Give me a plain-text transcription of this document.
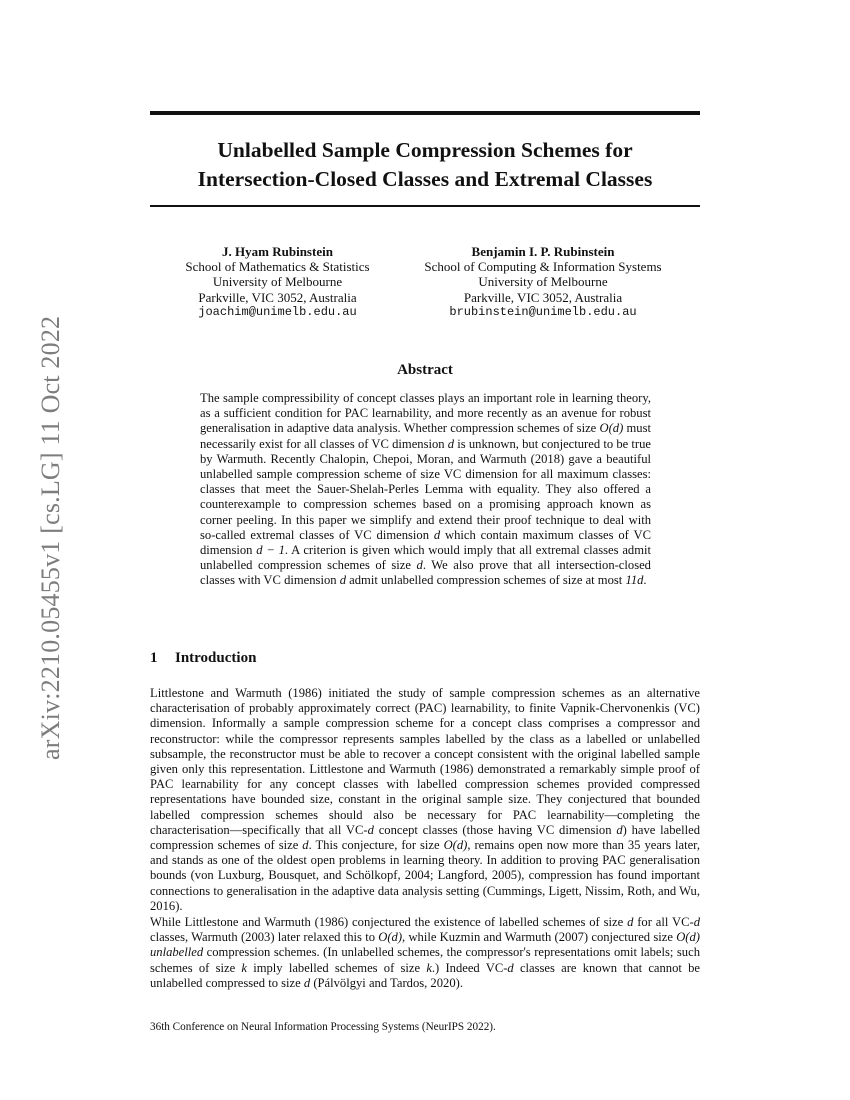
arXiv:2210.05455v1 [cs.LG] 11 Oct 2022
Unlabelled Sample Compression Schemes for
Intersection-Closed Classes and Extremal Classes
J. Hyam Rubinstein
School of Mathematics & Statistics
University of Melbourne
Parkville, VIC 3052, Australia
joachim@unimelb.edu.au
Benjamin I. P. Rubinstein
School of Computing & Information Systems
University of Melbourne
Parkville, VIC 3052, Australia
brubinstein@unimelb.edu.au
Abstract
The sample compressibility of concept classes plays an important role in learning theory, as a sufficient condition for PAC learnability, and more recently as an avenue for robust generalisation in adaptive data analysis. Whether compression schemes of size O(d) must necessarily exist for all classes of VC dimension d is unknown, but conjectured to be true by Warmuth. Recently Chalopin, Chepoi, Moran, and Warmuth (2018) gave a beautiful unlabelled sample compression scheme of size VC dimension for all maximum classes: classes that meet the Sauer-Shelah-Perles Lemma with equality. They also offered a counterexample to compression schemes based on a promising approach known as corner peeling. In this paper we simplify and extend their proof technique to deal with so-called extremal classes of VC dimension d which contain maximum classes of VC dimension d − 1. A criterion is given which would imply that all extremal classes admit unlabelled compression schemes of size d. We also prove that all intersection-closed classes with VC dimension d admit unlabelled compression schemes of size at most 11d.
1 Introduction

Littlestone and Warmuth (1986) initiated the study of sample compression schemes as an alternative characterisation of probably approximately correct (PAC) learnability, to finite Vapnik-Chervonenkis (VC) dimension. Informally a sample compression scheme for a concept class comprises a compressor and reconstructor: while the compressor represents samples labelled by the class as a labelled or unlabelled subsample, the reconstructor must be able to recover a concept consistent with the original labelled sample given only this representation. Littlestone and Warmuth (1986) demonstrated a remarkably simple proof of PAC learnability for any concept classes with labelled compression schemes provided compressed representations have bounded size, constant in the original sample size. They conjectured that bounded labelled compression schemes should also be necessary for PAC learnability—completing the characterisation—specifically that all VC-d concept classes (those having VC dimension d) have labelled compression schemes of size d. This conjecture, for size O(d), remains open now more than 35 years later, and stands as one of the oldest open problems in learning theory. In addition to proving PAC generalisation bounds (von Luxburg, Bousquet, and Schölkopf, 2004; Langford, 2005), compression has found important connections to generalisation in the adaptive data analysis setting (Cummings, Ligett, Nissim, Roth, and Wu, 2016).

While Littlestone and Warmuth (1986) conjectured the existence of labelled schemes of size d for all VC-d classes, Warmuth (2003) later relaxed this to O(d), while Kuzmin and Warmuth (2007) conjectured size O(d) unlabelled compression schemes. (In unlabelled schemes, the compressor's representations omit labels; such schemes of size k imply labelled schemes of size k.) Indeed VC-d classes are known that cannot be unlabelled compressed to size d (Pálvölgyi and Tardos, 2020).

36th Conference on Neural Information Processing Systems (NeurIPS 2022).
